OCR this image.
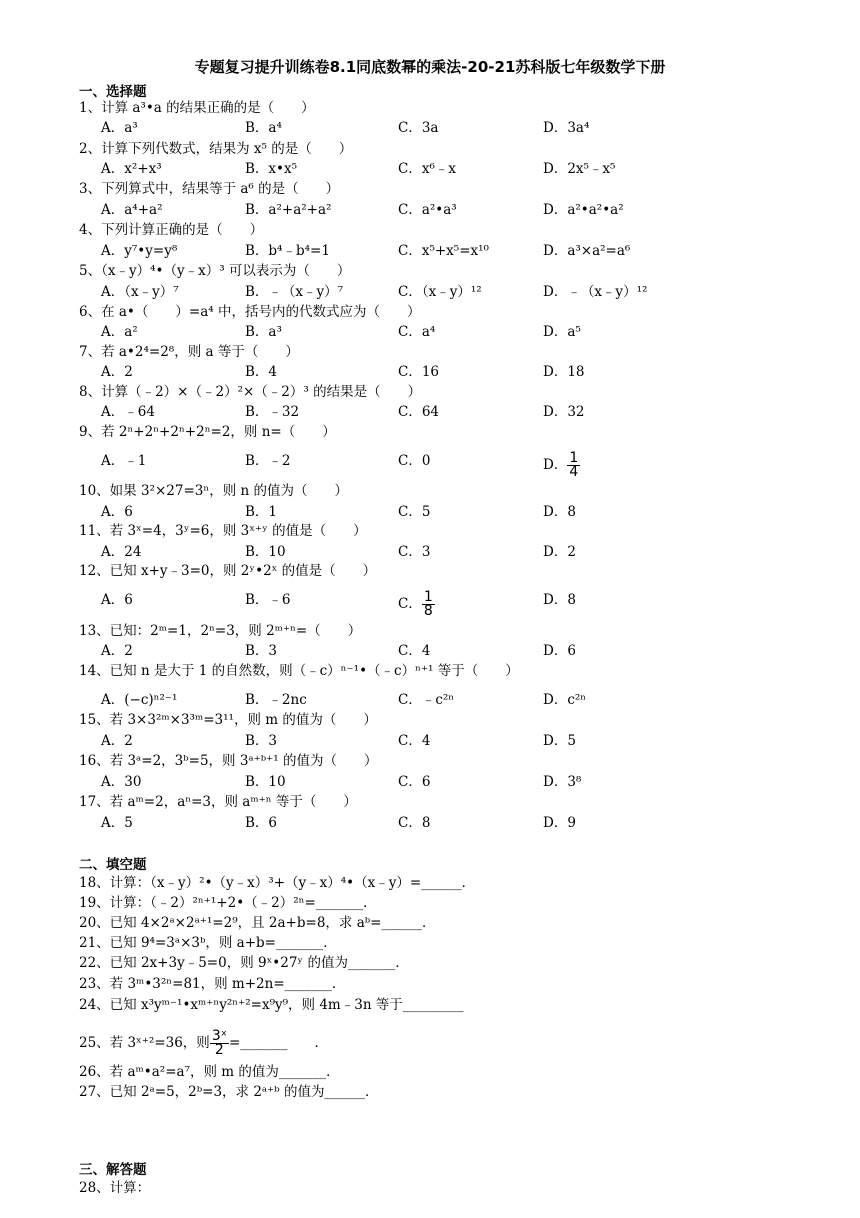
专题复习提升训练卷8.1同底数幂的乘法-20-21苏科版七年级数学下册
一、选择题
1、计算 a³•a 的结果正确的是（　　）
A．a³	B．a⁴	C．3a	D．3a⁴
2、计算下列代数式，结果为 x⁵ 的是（　　）
A．x²+x³	B．x•x⁵	C．x⁶﹣x	D．2x⁵﹣x⁵
3、下列算式中，结果等于 a⁶ 的是（　　）
A．a⁴+a²	B．a²+a²+a²	C．a²•a³	D．a²•a²•a²
4、下列计算正确的是（　　）
A．y⁷•y=y⁸	B．b⁴﹣b⁴=1	C．x⁵+x⁵=x¹⁰	D．a³×a²=a⁶
5、（x﹣y）⁴•（y﹣x）³ 可以表示为（　　）
A．（x﹣y）⁷	B．﹣（x﹣y）⁷	C．（x﹣y）¹²	D．﹣（x﹣y）¹²
6、在 a•（　　）=a⁴ 中，括号内的代数式应为（　　）
A．a²	B．a³	C．a⁴	D．a⁵
7、若 a•2⁴=2⁸，则 a 等于（　　）
A．2	B．4	C．16	D．18
8、计算（﹣2）×（﹣2）²×（﹣2）³ 的结果是（　　）
A．﹣64	B．﹣32	C．64	D．32
9、若 2ⁿ+2ⁿ+2ⁿ+2ⁿ=2，则 n=（　　）
A．﹣1	B．﹣2	C．0	D． $\frac{1}{4}$
10、如果 3²×27=3ⁿ，则 n 的值为（　　）
A．6	B．1	C．5	D．8
11、若 3ˣ=4，3ʸ=6，则 3ˣ⁺ʸ 的值是（　　）
A．24	B．10	C．3	D．2
12、已知 x+y﹣3=0，则 2ʸ•2ˣ 的值是（　　）
A．6	B．﹣6	C． $\frac{1}{8}$	D．8
13、已知：2ᵐ=1，2ⁿ=3，则 2ᵐ⁺ⁿ=（　　）
A．2	B．3	C．4	D．6
14、已知 n 是大于 1 的自然数，则（﹣c）ⁿ⁻¹•（﹣c）ⁿ⁺¹ 等于（　　）
A．(−c)ⁿ²⁻¹	B．﹣2nc	C．﹣c²ⁿ	D．c²ⁿ
15、若 3×3²ᵐ×3³ᵐ=3¹¹，则 m 的值为（　　）
A．2	B．3	C．4	D．5
16、若 3ᵃ=2，3ᵇ=5，则 3ᵃ⁺ᵇ⁺¹ 的值为（　　）
A．30	B．10	C．6	D．3⁸
17、若 aᵐ=2，aⁿ=3，则 aᵐ⁺ⁿ 等于（　　）
A．5	B．6	C．8	D．9
二、填空题
18、计算：（x﹣y）²•（y﹣x）³+（y﹣x）⁴•（x﹣y）=______．
19、计算：（﹣2）²ⁿ⁺¹+2•（﹣2）²ⁿ=_______．
20、已知 4×2ᵃ×2ᵃ⁺¹=2⁹，且 2a+b=8，求 aᵇ=______．
21、已知 9⁴=3ᵃ×3ᵇ，则 a+b=_______．
22、已知 2x+3y﹣5=0，则 9ˣ•27ʸ 的值为_______．
23、若 3ᵐ•3²ⁿ=81，则 m+2n=_______．
24、已知 x³yᵐ⁻¹•xᵐ⁺ⁿy²ⁿ⁺²=x⁹y⁹，则 4m﹣3n 等于_________
25、若 3ˣ⁺²=36，则 $\frac{\text{3ˣ}}{2}$ =_______　　．
26、若 aᵐ•a²=a⁷，则 m 的值为_______．
27、已知 2ᵃ=5，2ᵇ=3，求 2ᵃ⁺ᵇ 的值为______．
三、解答题
28、计算：
